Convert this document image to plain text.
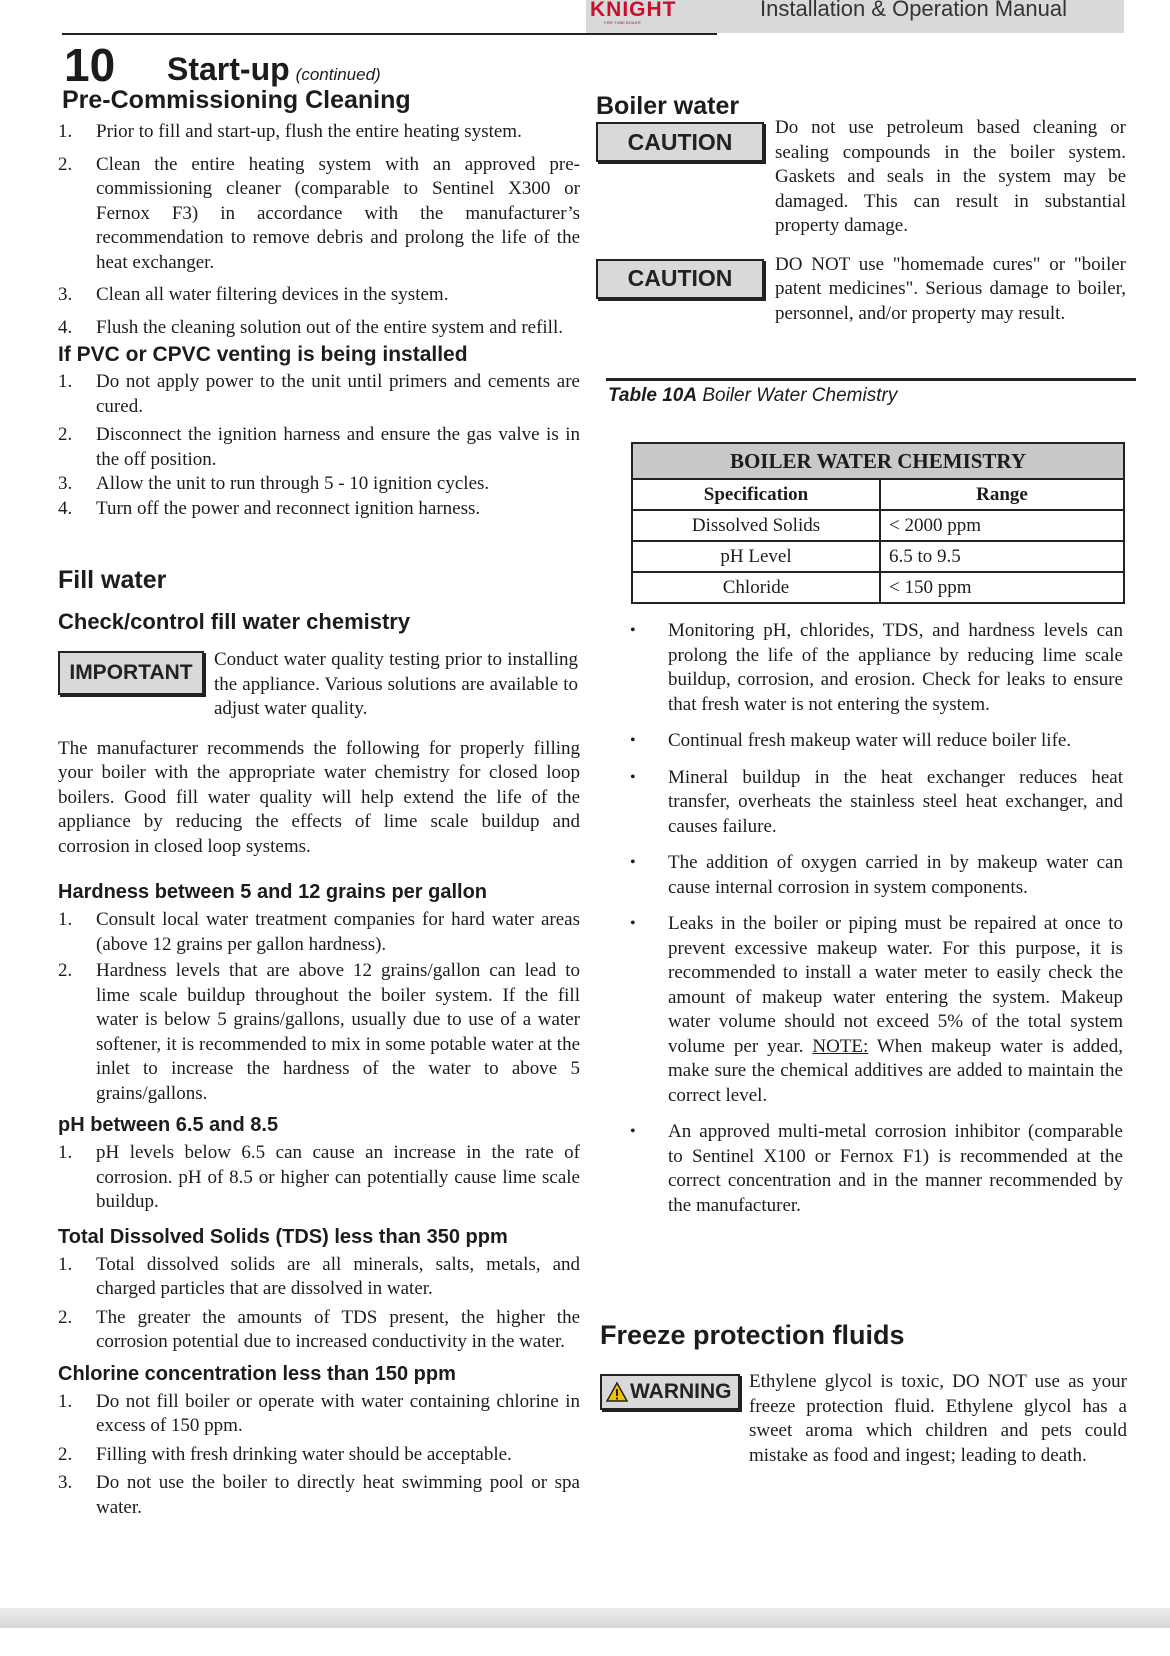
KNIGHT
FIRE TUBE BOILER
Installation & Operation Manual
10 Start-up (continued)
Pre-Commissioning Cleaning
1.	Prior to fill and start-up, flush the entire heating system.
2.	Clean the entire heating system with an approved pre-commissioning cleaner (comparable to Sentinel X300 or Fernox F3) in accordance with the manufacturer’s recommendation to remove debris and prolong the life of the heat exchanger.
3.	Clean all water filtering devices in the system.
4.	Flush the cleaning solution out of the entire system and refill.
If PVC or CPVC venting is being installed
1.	Do not apply power to the unit until primers and cements are cured.
2.	Disconnect the ignition harness and ensure the gas valve is in the off position.
3.	Allow the unit to run through 5 - 10 ignition cycles.
4.	Turn off the power and reconnect ignition harness.
Fill water
Check/control fill water chemistry
IMPORTANT
Conduct water quality testing prior to installing the appliance. Various solutions are available to adjust water quality.
The manufacturer recommends the following for properly filling your boiler with the appropriate water chemistry for closed loop boilers. Good fill water quality will help extend the life of the appliance by reducing the effects of lime scale buildup and corrosion in closed loop systems.
Hardness between 5 and 12 grains per gallon
1.	Consult local water treatment companies for hard water areas (above 12 grains per gallon hardness).
2.	Hardness levels that are above 12 grains/gallon can lead to lime scale buildup throughout the boiler system. If the fill water is below 5 grains/gallons, usually due to use of a water softener, it is recommended to mix in some potable water at the inlet to increase the hardness of the water to above 5 grains/gallons.
pH between 6.5 and 8.5
1.	pH levels below 6.5 can cause an increase in the rate of corrosion. pH of 8.5 or higher can potentially cause lime scale buildup.
Total Dissolved Solids (TDS) less than 350 ppm
1.	Total dissolved solids are all minerals, salts, metals, and charged particles that are dissolved in water.
2.	The greater the amounts of TDS present, the higher the corrosion potential due to increased conductivity in the water.
Chlorine concentration less than 150 ppm
1.	Do not fill boiler or operate with water containing chlorine in excess of 150 ppm.
2.	Filling with fresh drinking water should be acceptable.
3.	Do not use the boiler to directly heat swimming pool or spa water.
Boiler water
CAUTION
Do not use petroleum based cleaning or sealing compounds in the boiler system. Gaskets and seals in the system may be damaged. This can result in substantial property damage.
CAUTION
DO NOT use "homemade cures" or "boiler patent medicines". Serious damage to boiler, personnel, and/or property may result.
Table 10A Boiler Water Chemistry
BOILER WATER CHEMISTRY	
Specification	Range
Dissolved Solids	< 2000 ppm
pH Level	6.5 to 9.5
Chloride	< 150 ppm
•	Monitoring pH, chlorides, TDS, and hardness levels can prolong the life of the appliance by reducing lime scale buildup, corrosion, and erosion. Check for leaks to ensure that fresh water is not entering the system.
•	Continual fresh makeup water will reduce boiler life.
•	Mineral buildup in the heat exchanger reduces heat transfer, overheats the stainless steel heat exchanger, and causes failure.
•	The addition of oxygen carried in by makeup water can cause internal corrosion in system components.
•	Leaks in the boiler or piping must be repaired at once to prevent excessive makeup water. For this purpose, it is recommended to install a water meter to easily check the amount of makeup water entering the system. Makeup water volume should not exceed 5% of the total system volume per year. NOTE: When makeup water is added, make sure the chemical additives are added to maintain the correct level.
•	An approved multi-metal corrosion inhibitor (comparable to Sentinel X100 or Fernox F1) is recommended at the correct concentration and in the manner recommended by the manufacturer.
Freeze protection fluids
WARNING Ethylene glycol is toxic, DO NOT use as your freeze protection fluid. Ethylene glycol has a sweet aroma which children and pets could mistake as food and ingest; leading to death.
